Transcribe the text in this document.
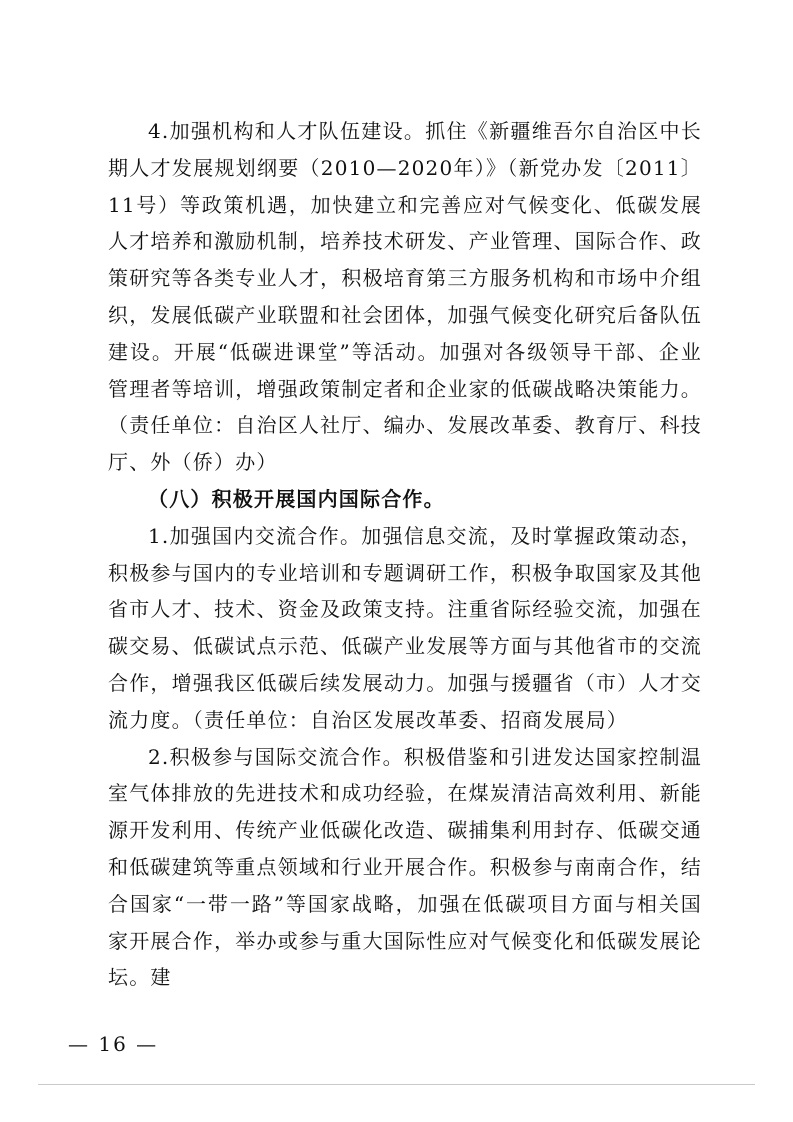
4.加强机构和人才队伍建设。抓住《新疆维吾尔自治区中长期人才发展规划纲要（2010—2020年）》（新党办发〔2011〕11号）等政策机遇，加快建立和完善应对气候变化、低碳发展人才培养和激励机制，培养技术研发、产业管理、国际合作、政策研究等各类专业人才，积极培育第三方服务机构和市场中介组织，发展低碳产业联盟和社会团体，加强气候变化研究后备队伍建设。开展“低碳进课堂”等活动。加强对各级领导干部、企业管理者等培训，增强政策制定者和企业家的低碳战略决策能力。（责任单位：自治区人社厅、编办、发展改革委、教育厅、科技厅、外（侨）办）

（八）积极开展国内国际合作。

1.加强国内交流合作。加强信息交流，及时掌握政策动态，积极参与国内的专业培训和专题调研工作，积极争取国家及其他省市人才、技术、资金及政策支持。注重省际经验交流，加强在碳交易、低碳试点示范、低碳产业发展等方面与其他省市的交流合作，增强我区低碳后续发展动力。加强与援疆省（市）人才交流力度。（责任单位：自治区发展改革委、招商发展局）

2.积极参与国际交流合作。积极借鉴和引进发达国家控制温室气体排放的先进技术和成功经验，在煤炭清洁高效利用、新能源开发利用、传统产业低碳化改造、碳捕集利用封存、低碳交通和低碳建筑等重点领域和行业开展合作。积极参与南南合作，结合国家“一带一路”等国家战略，加强在低碳项目方面与相关国家开展合作，举办或参与重大国际性应对气候变化和低碳发展论坛。建

— 16 —
